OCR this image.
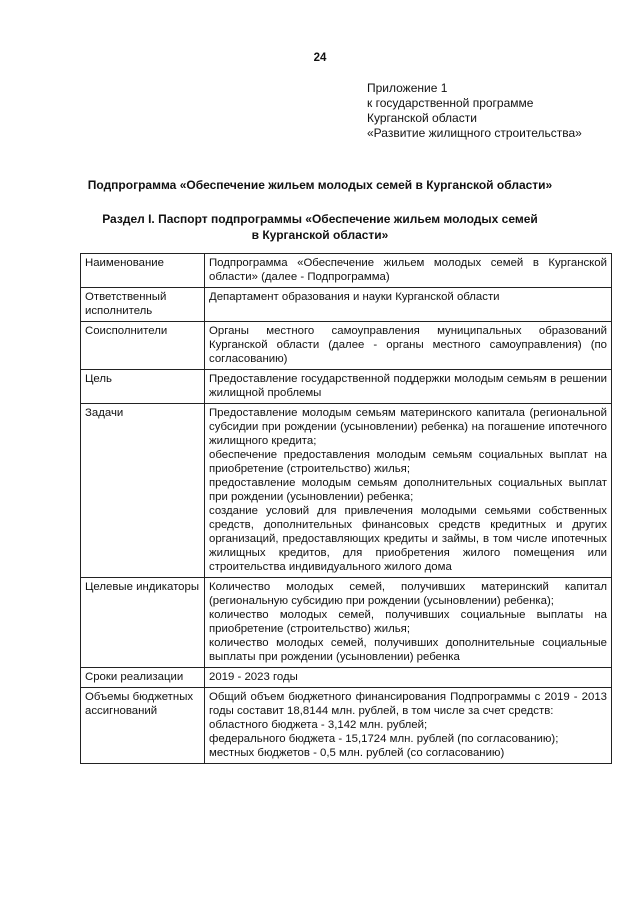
24
Приложение 1
к государственной программе
Курганской области
«Развитие жилищного строительства»
Подпрограмма «Обеспечение жильем молодых семей в Курганской области»
Раздел I. Паспорт подпрограммы «Обеспечение жильем молодых семей
в Курганской области»
Наименование	Подпрограмма «Обеспечение жильем молодых семей в Курганской области» (далее - Подпрограмма)

Ответственный исполнитель	Департамент образования и науки Курганской области

Соисполнители	Органы местного самоуправления муниципальных образований Курганской области (далее - органы местного самоуправления) (по согласованию)

Цель	Предоставление государственной поддержки молодым семьям в решении жилищной проблемы

Задачи	Предоставление молодым семьям материнского капитала (региональной субсидии при рождении (усыновлении) ребенка) на погашение ипотечного жилищного кредита;
обеспечение предоставления молодым семьям социальных выплат на приобретение (строительство) жилья;
предоставление молодым семьям дополнительных социальных выплат при рождении (усыновлении) ребенка;
создание условий для привлечения молодыми семьями собственных средств, дополнительных финансовых средств кредитных и других организаций, предоставляющих кредиты и займы, в том числе ипотечных жилищных кредитов, для приобретения жилого помещения или строительства индивидуального жилого дома

Целевые индикаторы	Количество молодых семей, получивших материнский капитал (региональную субсидию при рождении (усыновлении) ребенка);
количество молодых семей, получивших социальные выплаты на приобретение (строительство) жилья;
количество молодых семей, получивших дополнительные социальные выплаты при рождении (усыновлении) ребенка

Сроки реализации	2019 - 2023 годы

Объемы бюджетных ассигнований	Общий объем бюджетного финансирования Подпрограммы с 2019 - 2013 годы составит 18,8144 млн. рублей, в том числе за счет средств:
областного бюджета - 3,142 млн. рублей;
федерального бюджета - 15,1724 млн. рублей (по согласованию);
местных бюджетов - 0,5 млн. рублей (со согласованию)
